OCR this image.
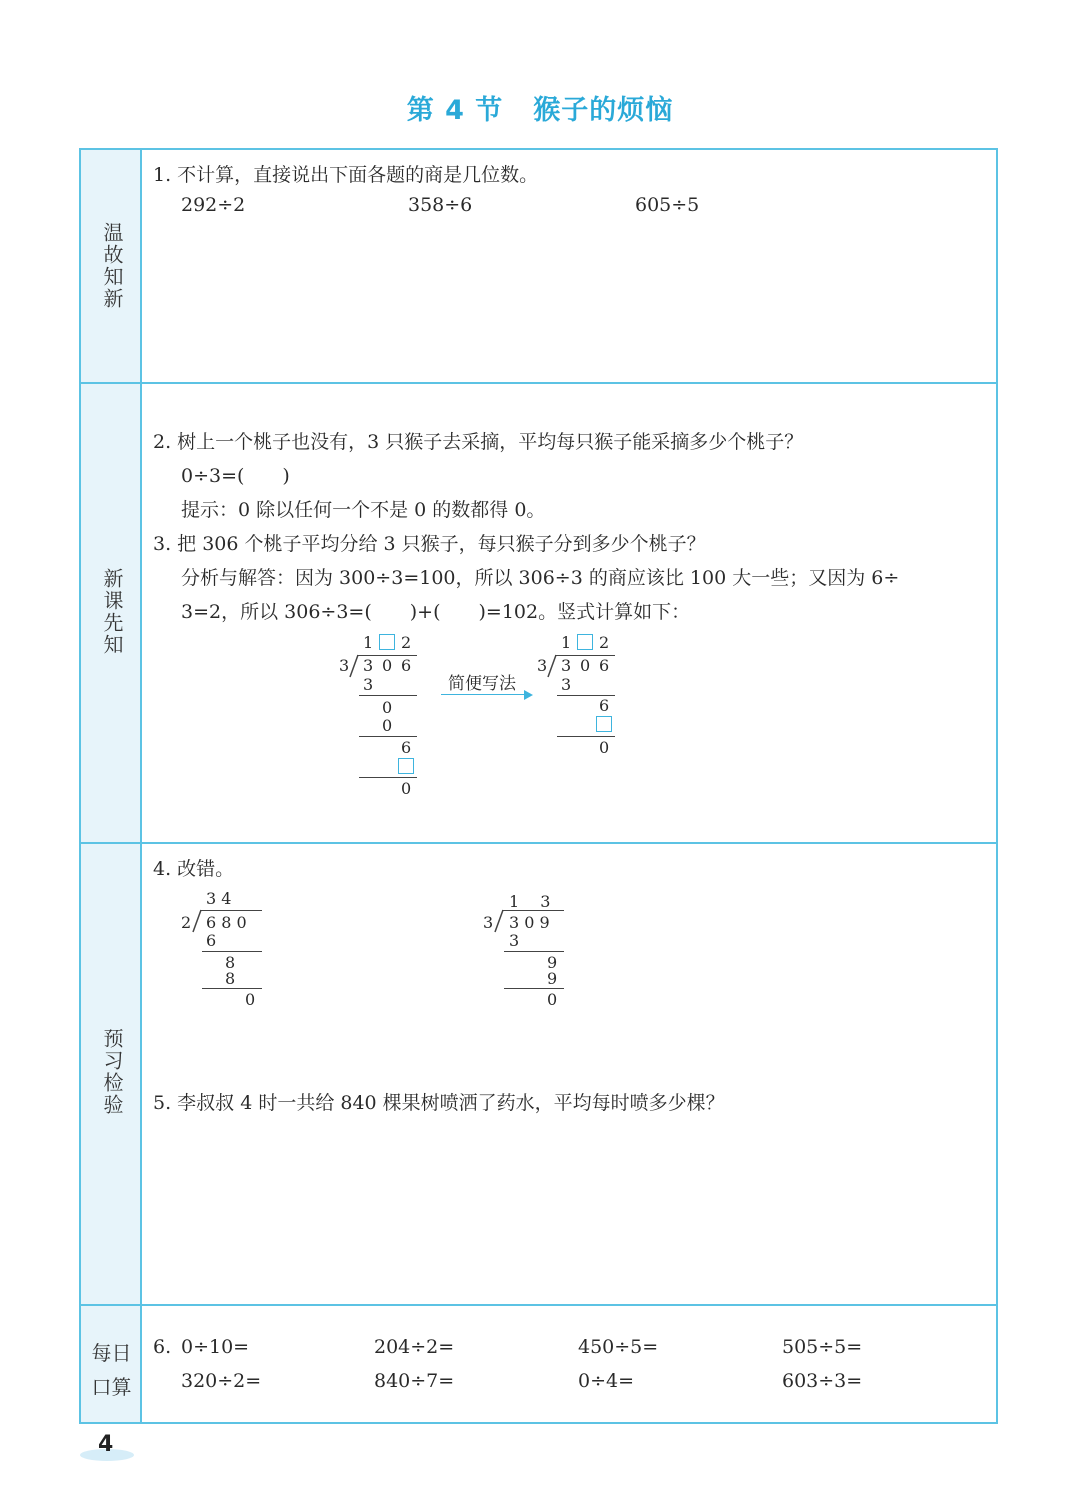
第 4 节 猴子的烦恼
温故知新
新课先知
预习检验
每日
口算
1. 不计算，直接说出下面各题的商是几位数。
292÷2	358÷6	605÷5
2. 树上一个桃子也没有，3 只猴子去采摘，平均每只猴子能采摘多少个桃子？
0÷3=(　　)
提示：0 除以任何一个不是 0 的数都得 0。
3. 把 306 个桃子平均分给 3 只猴子，每只猴子分到多少个桃子？
分析与解答：因为 300÷3=100，所以 306÷3 的商应该比 100 大一些；又因为 6÷
3=2，所以 306÷3=(　　)+(　　)=102。竖式计算如下：
1 2
3 3 0 6
3
0
0
6
0
简便写法
1 2
3 3 0 6
3
6
0
4. 改错。
3 4
2 6 8 0
6
8
8
0
1　 3
3 3 0 9
3
9
9
0
5. 李叔叔 4 时一共给 840 棵果树喷洒了药水，平均每时喷多少棵？
6. 0÷10=	204÷2=	450÷5=	505÷5=
320÷2=	840÷7=	0÷4=	603÷3=
4
